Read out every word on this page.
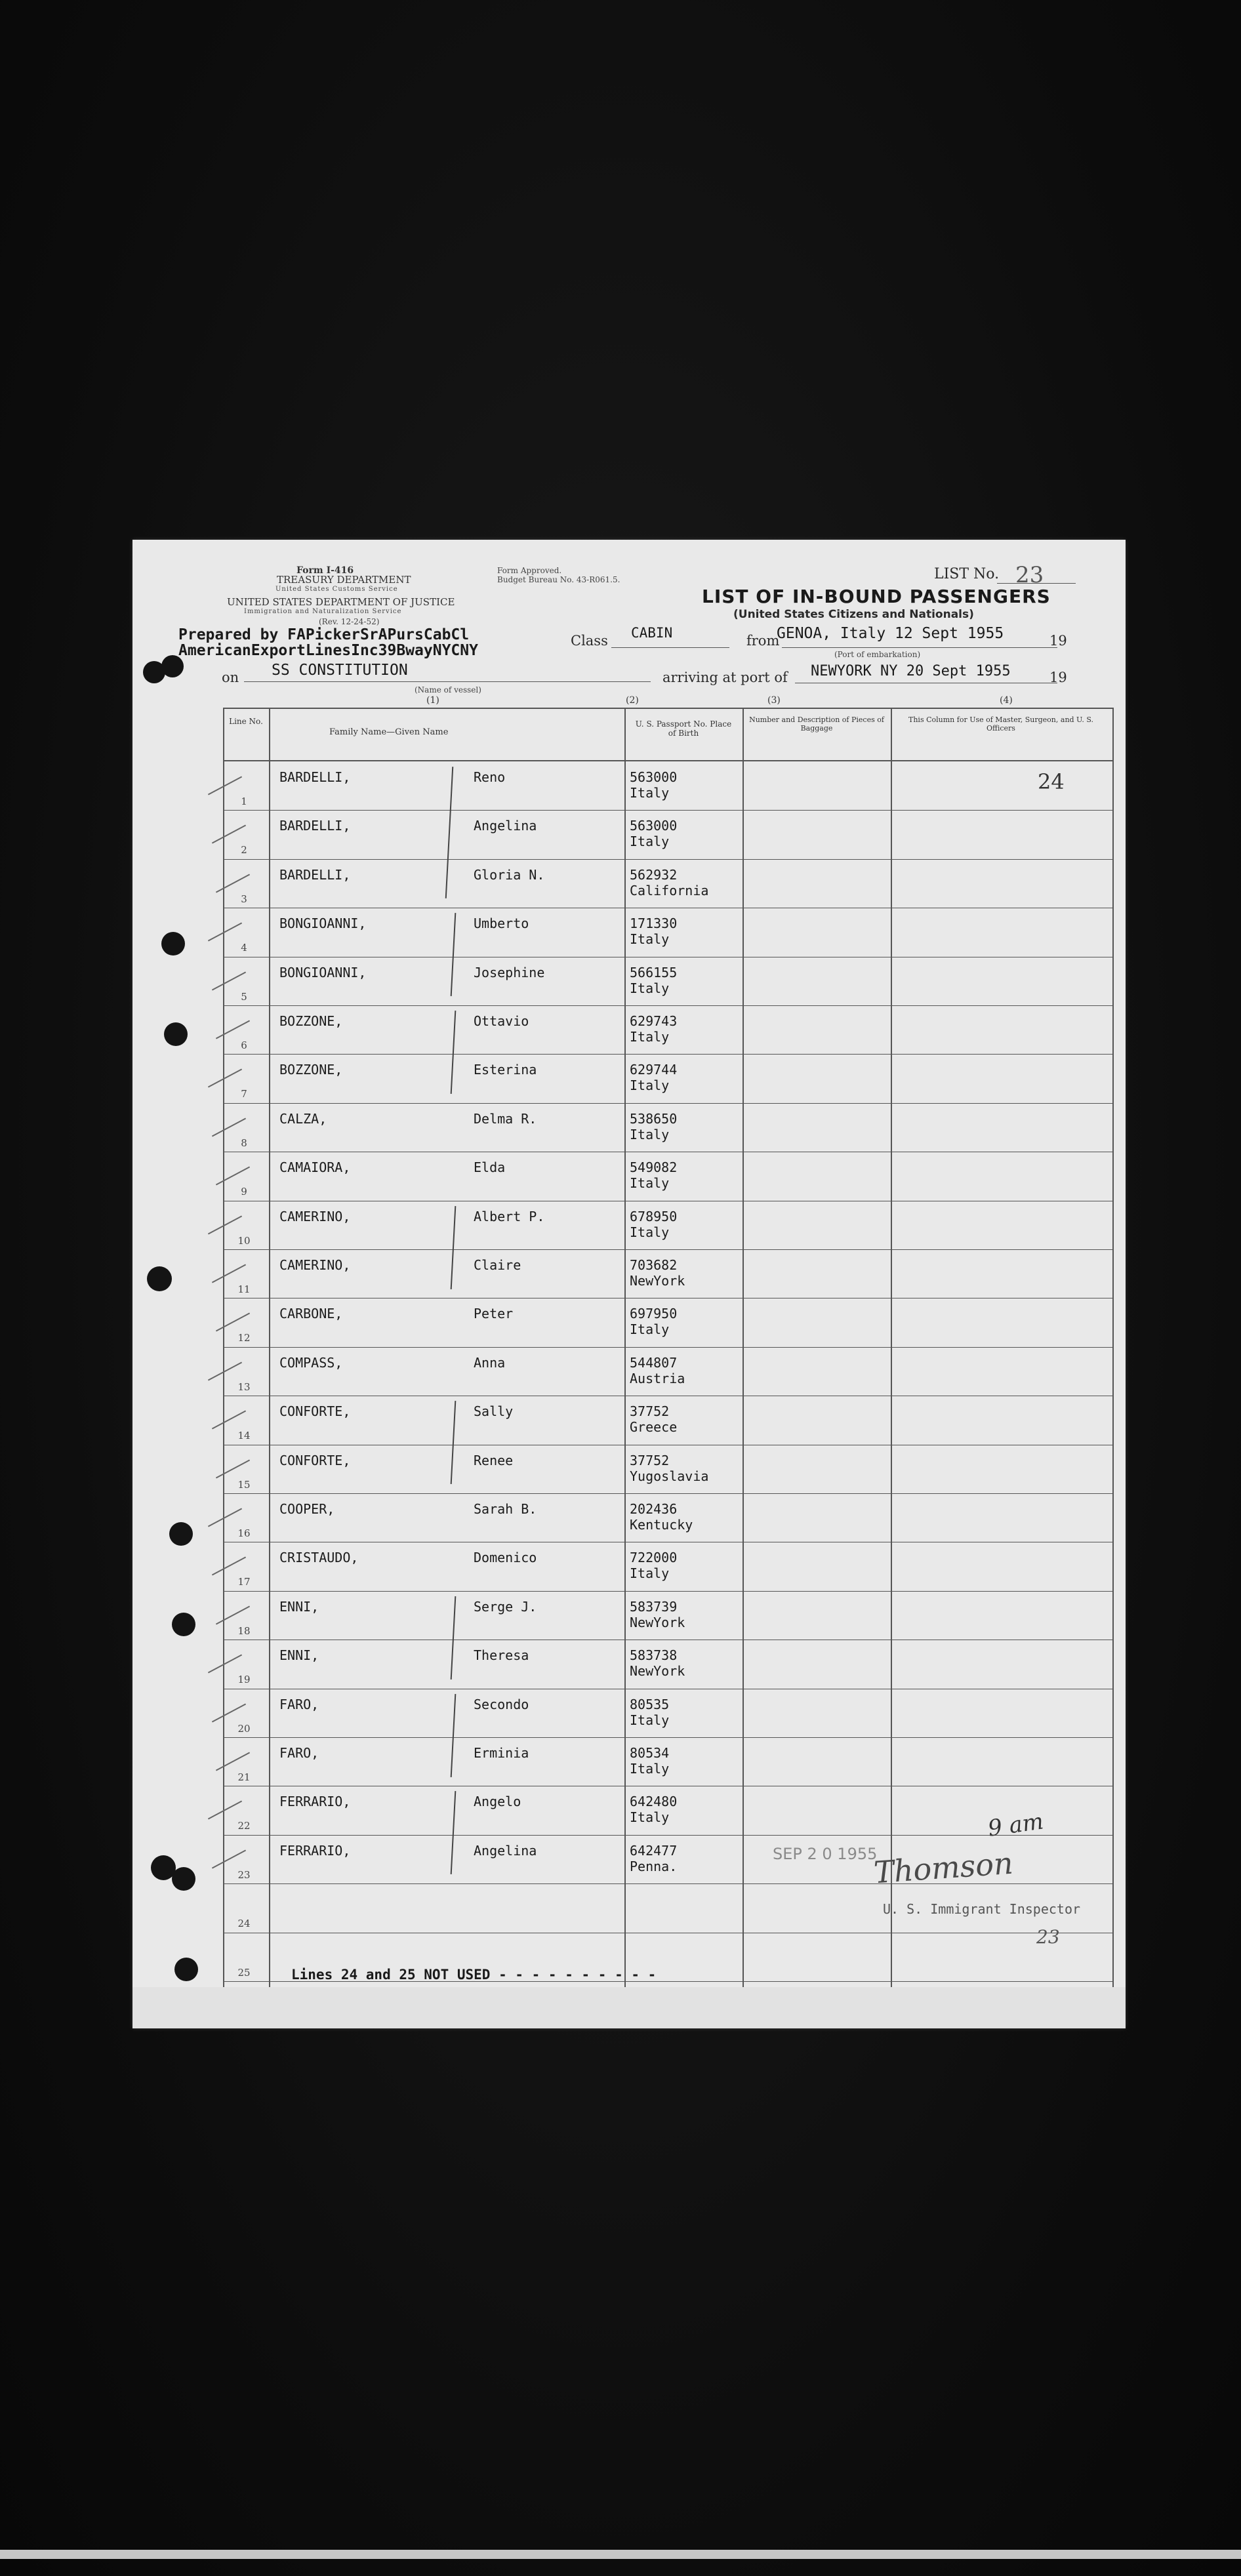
Form I-416
TREASURY DEPARTMENT
United States Customs Service
UNITED STATES DEPARTMENT OF JUSTICE
Immigration and Naturalization Service
(Rev. 12-24-52)
Form Approved.
Budget Bureau No. 43-R061.5.	LIST No. 23
LIST OF IN-BOUND PASSENGERS
(United States Citizens and Nationals)
Prepared by FAPickerSrAPursCabCl
AmericanExportLinesInc39BwayNYCNY
Class CABIN	from
GENOA, Italy 12 Sept 1955	19
(Port of embarkation)
on SS CONSTITUTION
(Name of vessel)
arriving at port of NEWYORK NY 20 Sept 1955	19
(1)	(2)	(3)	(4)
Line No.
Family Name—Given Name
U. S. Passport No. Place of Birth
Number and Description of Pieces of Baggage
This Column for Use of Master, Surgeon, and U. S. Officers
1
BARDELLI,	Reno	563000
Italy
2
BARDELLI,	Angelina	563000
Italy
3
BARDELLI,	Gloria N.	562932
California
4
BONGIOANNI,	Umberto	171330
Italy
5
BONGIOANNI,	Josephine	566155
Italy
6
BOZZONE,	Ottavio	629743
Italy
7
BOZZONE,	Esterina	629744
Italy
8
CALZA,	Delma R.	538650
Italy
9
CAMAIORA,	Elda	549082
Italy
10
CAMERINO,	Albert P.	678950
Italy
11
CAMERINO,	Claire	703682
NewYork
12
CARBONE,	Peter	697950
Italy
13
COMPASS,	Anna	544807
Austria
14
CONFORTE,	Sally	37752
Greece
15
CONFORTE,	Renee	37752
Yugoslavia
16
COOPER,	Sarah B.	202436
Kentucky
17
CRISTAUDO,	Domenico	722000
Italy
18
ENNI,	Serge J.	583739
NewYork
19
ENNI,	Theresa	583738
NewYork
20
FARO,	Secondo	80535
Italy
21
FARO,	Erminia	80534
Italy
22
FERRARIO,	Angelo	642480
Italy
23
FERRARIO,	Angelina	642477
Penna.
24
25
24
Lines 24 and 25 NOT USED - - - - - - - - - -
SEP 2 0 1955
Thomson
9 am
U. S. Immigrant Inspector
23
